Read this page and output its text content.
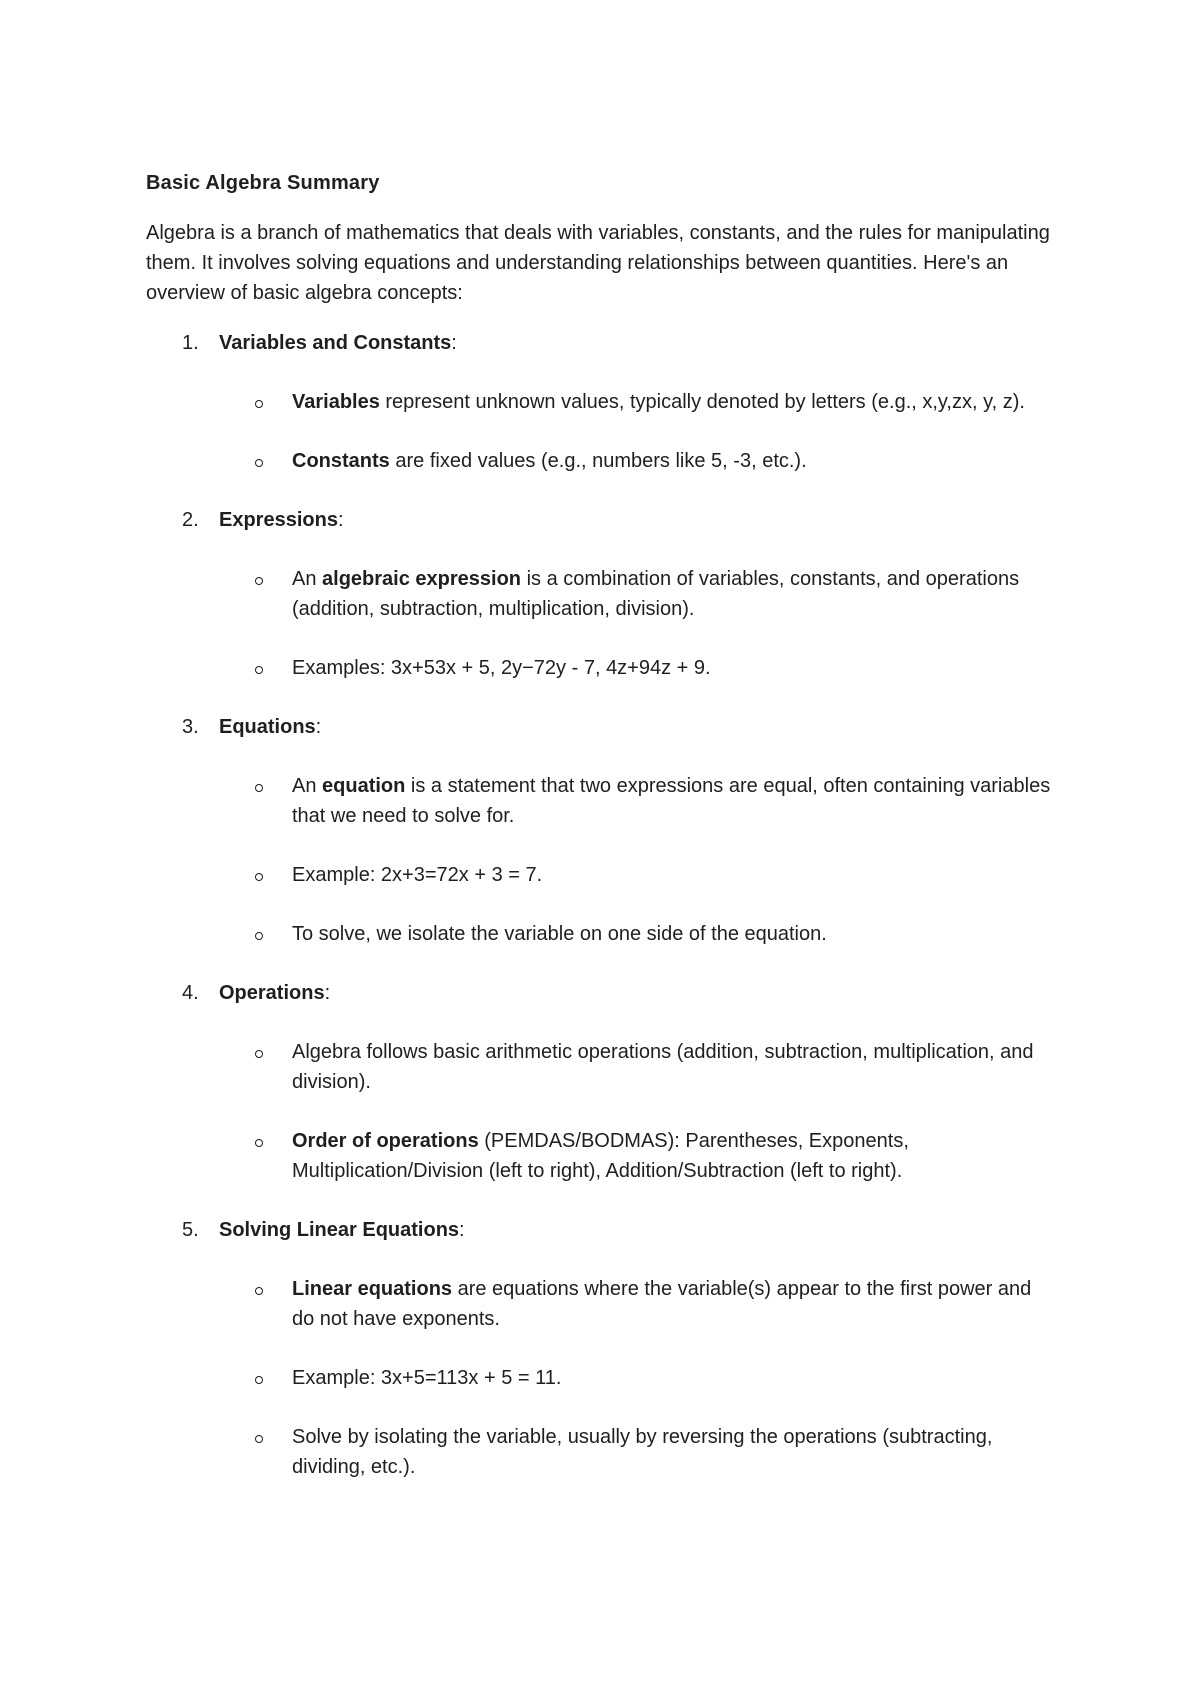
Basic Algebra Summary
Algebra is a branch of mathematics that deals with variables, constants, and the rules for manipulating them. It involves solving equations and understanding relationships between quantities. Here's an overview of basic algebra concepts:
1. Variables and Constants:
Variables represent unknown values, typically denoted by letters (e.g., x,y,zx, y, z).
Constants are fixed values (e.g., numbers like 5, -3, etc.).
2. Expressions:
An algebraic expression is a combination of variables, constants, and operations (addition, subtraction, multiplication, division).
Examples: 3x+53x + 5, 2y−72y - 7, 4z+94z + 9.
3. Equations:
An equation is a statement that two expressions are equal, often containing variables that we need to solve for.
Example: 2x+3=72x + 3 = 7.
To solve, we isolate the variable on one side of the equation.
4. Operations:
Algebra follows basic arithmetic operations (addition, subtraction, multiplication, and division).
Order of operations (PEMDAS/BODMAS): Parentheses, Exponents, Multiplication/Division (left to right), Addition/Subtraction (left to right).
5. Solving Linear Equations:
Linear equations are equations where the variable(s) appear to the first power and do not have exponents.
Example: 3x+5=113x + 5 = 11.
Solve by isolating the variable, usually by reversing the operations (subtracting, dividing, etc.).
